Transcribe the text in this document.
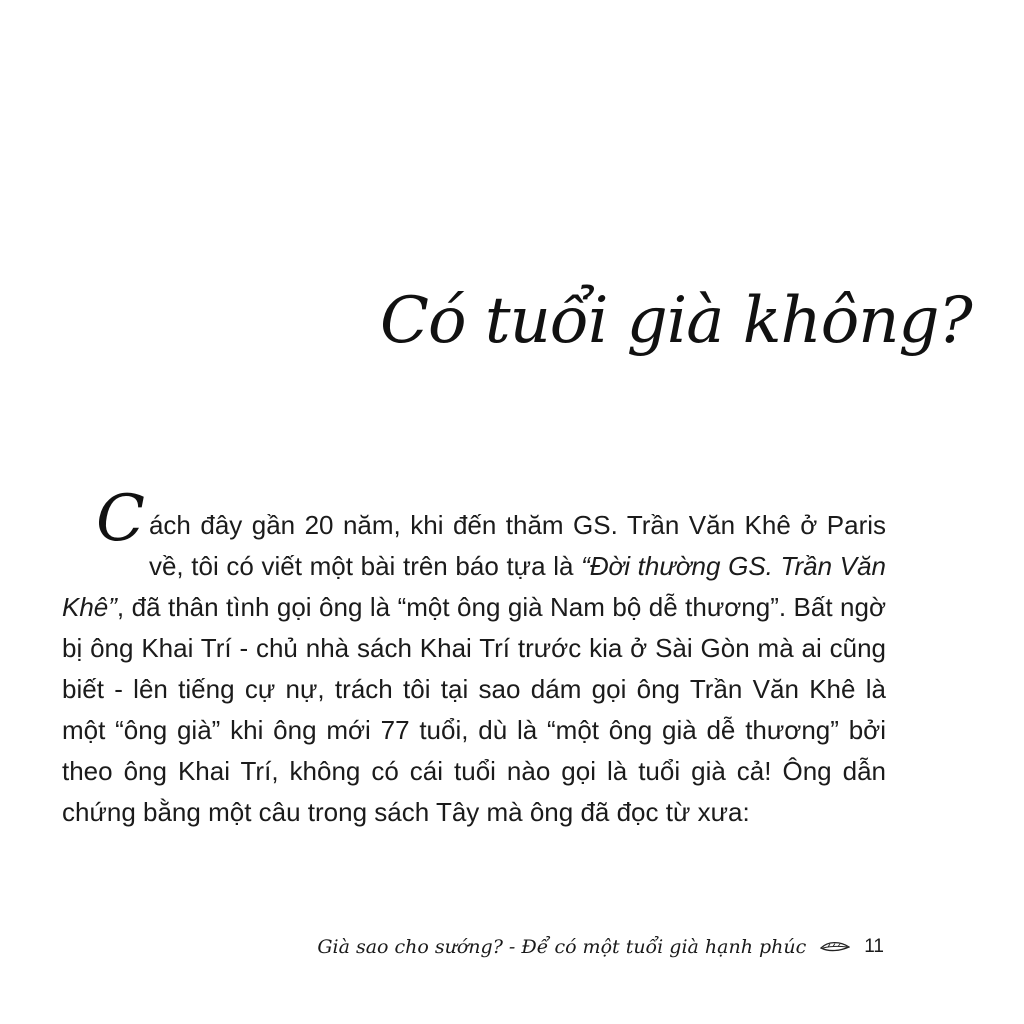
Có tuổi già không?
Cách đây gần 20 năm, khi đến thăm GS. Trần Văn Khê ở Paris về, tôi có viết một bài trên báo tựa là “Đời thường GS. Trần Văn Khê”, đã thân tình gọi ông là “một ông già Nam bộ dễ thương”. Bất ngờ bị ông Khai Trí - chủ nhà sách Khai Trí trước kia ở Sài Gòn mà ai cũng biết - lên tiếng cự nự, trách tôi tại sao dám gọi ông Trần Văn Khê là một “ông già” khi ông mới 77 tuổi, dù là “một ông già dễ thương” bởi theo ông Khai Trí, không có cái tuổi nào gọi là tuổi già cả! Ông dẫn chứng bằng một câu trong sách Tây mà ông đã đọc từ xưa:
Già sao cho sướng? - Để có một tuổi già hạnh phúc	11
